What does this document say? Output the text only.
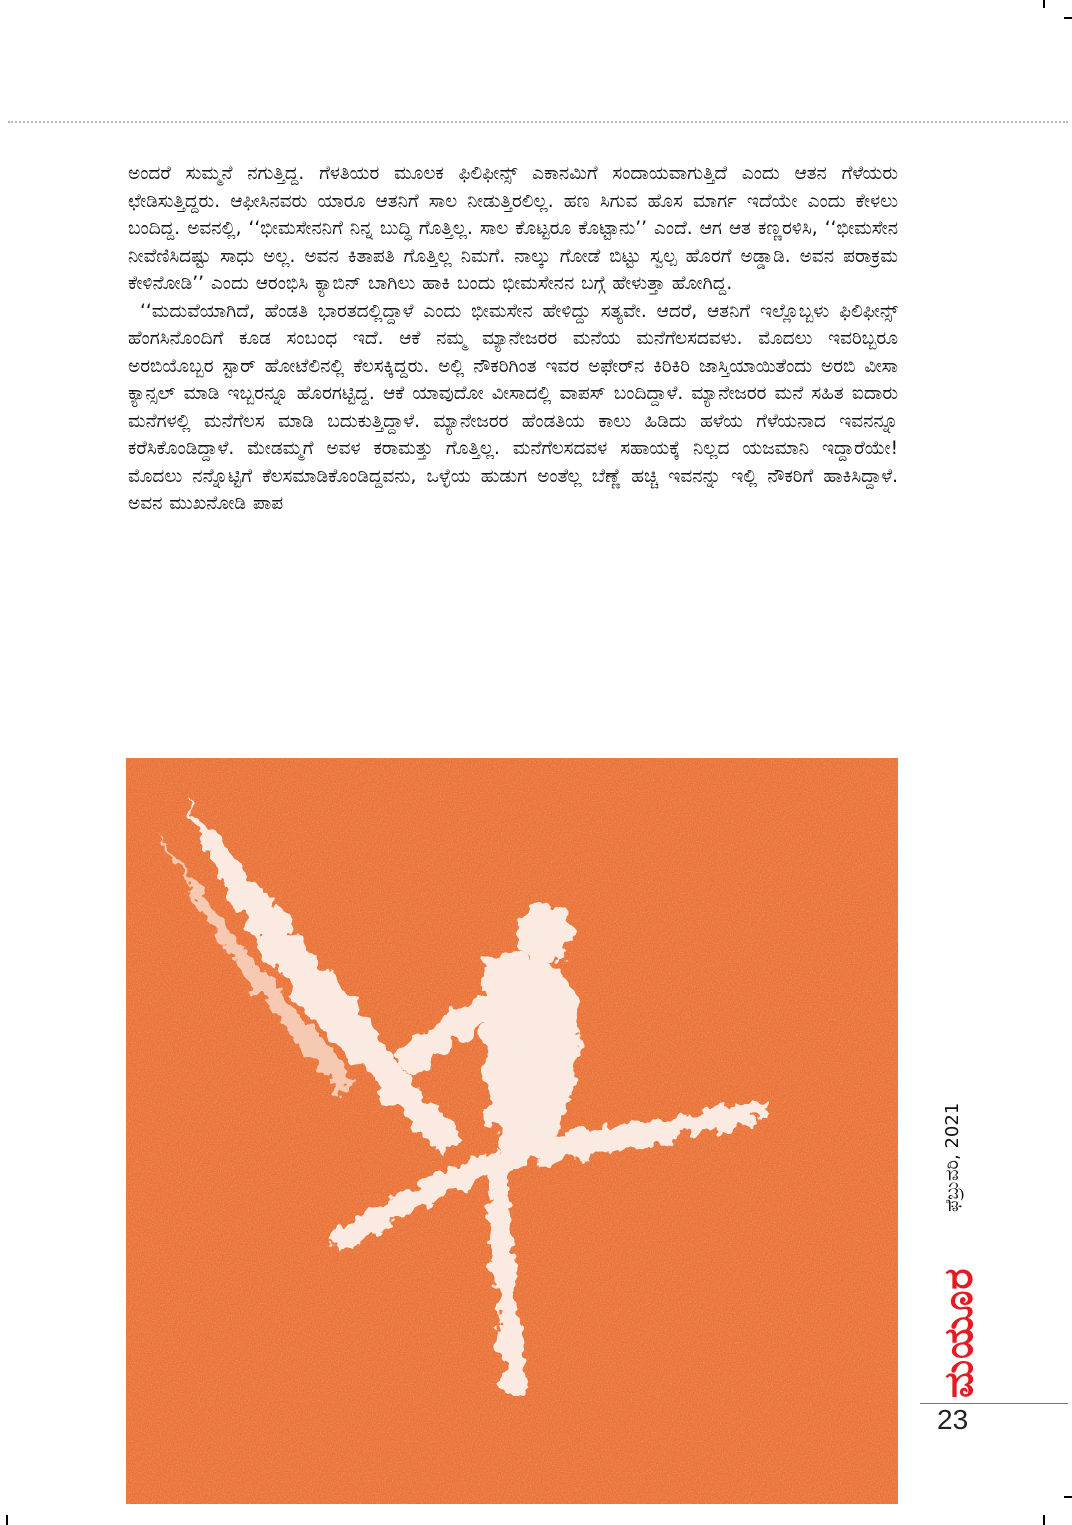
ಅಂದರೆ ಸುಮ್ಮನೆ ನಗುತ್ತಿದ್ದ. ಗೆಳತಿಯರ ಮೂಲಕ ಫಿಲಿಫೀನ್ಸ್ ಎಕಾನಮಿಗೆ ಸಂದಾಯವಾಗುತ್ತಿದೆ ಎಂದು ಆತನ ಗೆಳೆಯರು ಛೇಡಿಸುತ್ತಿದ್ದರು. ಆಫೀಸಿನವರು ಯಾರೂ ಆತನಿಗೆ ಸಾಲ ನೀಡುತ್ತಿರಲಿಲ್ಲ. ಹಣ ಸಿಗುವ ಹೊಸ ಮಾರ್ಗ ಇದೆಯೇ ಎಂದು ಕೇಳಲು ಬಂದಿದ್ದ. ಅವನಲ್ಲಿ, ‘‘ಭೀಮಸೇನನಿಗೆ ನಿನ್ನ ಬುದ್ಧಿ ಗೊತ್ತಿಲ್ಲ. ಸಾಲ ಕೊಟ್ಟರೂ ಕೊಟ್ಟಾನು’’ ಎಂದೆ. ಆಗ ಆತ ಕಣ್ಣರಳಿಸಿ, ‘‘ಭೀಮಸೇನ ನೀವೆಣಿಸಿದಷ್ಟು ಸಾಧು ಅಲ್ಲ. ಅವನ ಕಿತಾಪತಿ ಗೊತ್ತಿಲ್ಲ ನಿಮಗೆ. ನಾಲ್ಕು ಗೋಡೆ ಬಿಟ್ಟು ಸ್ವಲ್ಪ ಹೊರಗೆ ಅಡ್ಡಾಡಿ. ಅವನ ಪರಾಕ್ರಮ ಕೇಳಿನೋಡಿ’’ ಎಂದು ಆರಂಭಿಸಿ ಕ್ಯಾಬಿನ್ ಬಾಗಿಲು ಹಾಕಿ ಬಂದು ಭೀಮಸೇನನ ಬಗ್ಗೆ ಹೇಳುತ್ತಾ ಹೋಗಿದ್ದ.

‘‘ಮದುವೆಯಾಗಿದೆ, ಹೆಂಡತಿ ಭಾರತದಲ್ಲಿದ್ದಾಳೆ ಎಂದು ಭೀಮಸೇನ ಹೇಳಿದ್ದು ಸತ್ಯವೇ. ಆದರೆ, ಆತನಿಗೆ ಇಲ್ಲೊಬ್ಬಳು ಫಿಲಿಫೀನ್ಸ್ ಹೆಂಗಸಿನೊಂದಿಗೆ ಕೂಡ ಸಂಬಂಧ ಇದೆ. ಆಕೆ ನಮ್ಮ ಮ್ಯಾನೇಜರರ ಮನೆಯ ಮನೆಗೆಲಸದವಳು. ಮೊದಲು ಇವರಿಬ್ಬರೂ ಅರಬಿಯೊಬ್ಬರ ಸ್ಟಾರ್ ಹೋಟೆಲಿನಲ್ಲಿ ಕೆಲಸಕ್ಕಿದ್ದರು. ಅಲ್ಲಿ ನೌಕರಿಗಿಂತ ಇವರ ಅಫೇರ್‌ನ ಕಿರಿಕಿರಿ ಜಾಸ್ತಿಯಾಯಿತೆಂದು ಅರಬಿ ವೀಸಾ ಕ್ಯಾನ್ಸಲ್ ಮಾಡಿ ಇಬ್ಬರನ್ನೂ ಹೊರಗಟ್ಟಿದ್ದ. ಆಕೆ ಯಾವುದೋ ವೀಸಾದಲ್ಲಿ ವಾಪಸ್ ಬಂದಿದ್ದಾಳೆ. ಮ್ಯಾನೇಜರರ ಮನೆ ಸಹಿತ ಐದಾರು ಮನೆಗಳಲ್ಲಿ ಮನೆಗೆಲಸ ಮಾಡಿ ಬದುಕುತ್ತಿದ್ದಾಳೆ. ಮ್ಯಾನೇಜರರ ಹೆಂಡತಿಯ ಕಾಲು ಹಿಡಿದು ಹಳೆಯ ಗೆಳೆಯನಾದ ಇವನನ್ನೂ ಕರೆಸಿಕೊಂಡಿದ್ದಾಳೆ. ಮೇಡಮ್ಮಗೆ ಅವಳ ಕರಾಮತ್ತು ಗೊತ್ತಿಲ್ಲ. ಮನೆಗೆಲಸದವಳ ಸಹಾಯಕ್ಕೆ ನಿಲ್ಲದ ಯಜಮಾನಿ ಇದ್ದಾರೆಯೇ! ಮೊದಲು ನನ್ನೊಟ್ಟಿಗೆ ಕೆಲಸಮಾಡಿಕೊಂಡಿದ್ದವನು, ಒಳ್ಳೆಯ ಹುಡುಗ ಅಂತೆಲ್ಲ ಬೆಣ್ಣೆ ಹಚ್ಚಿ ಇವನನ್ನು ಇಲ್ಲಿ ನೌಕರಿಗೆ ಹಾಕಿಸಿದ್ದಾಳೆ. ಅವನ ಮುಖನೋಡಿ ಪಾಪ

ಫೆಬ್ರುವರಿ, 2021
ಮಯೂರ
23
